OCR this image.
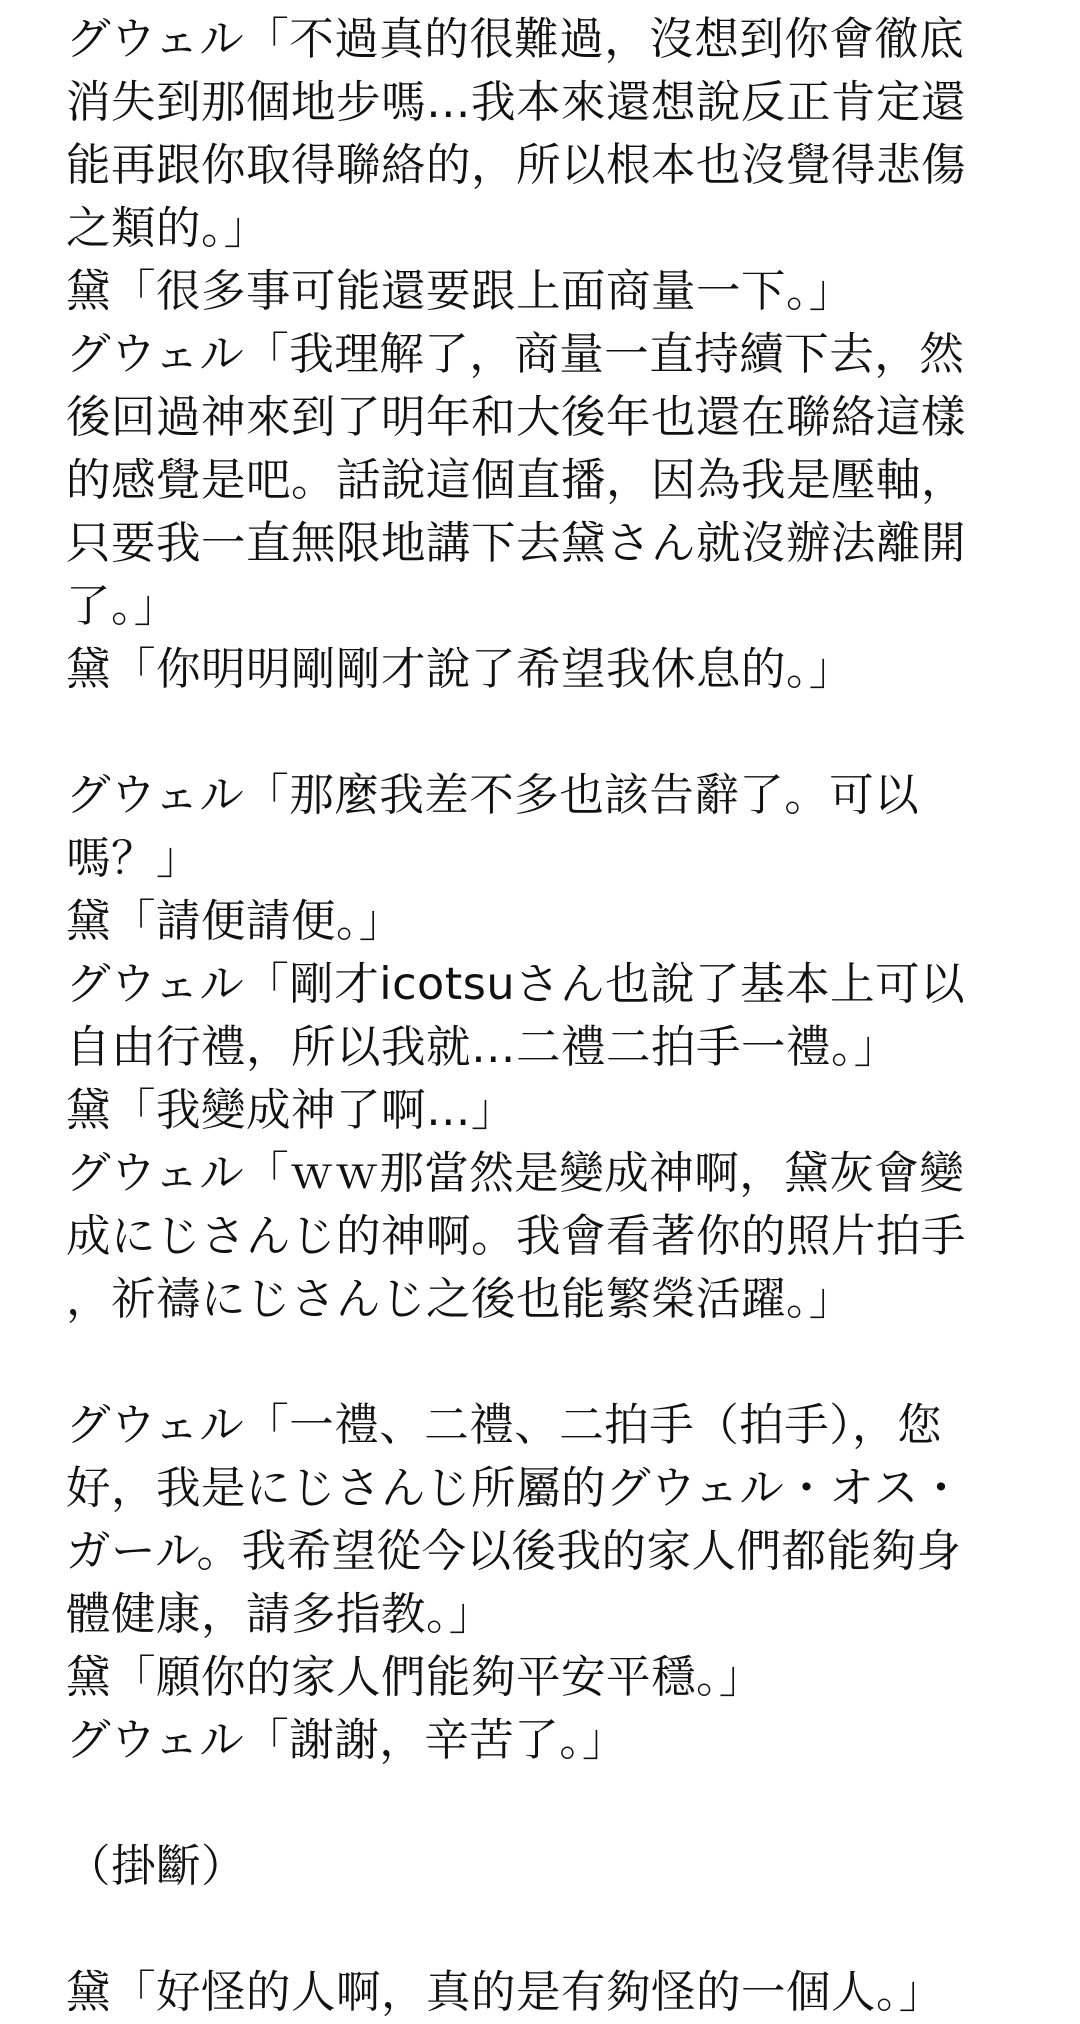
グウェル「不過真的很難過，沒想到你會徹底
消失到那個地步嗎…我本來還想說反正肯定還
能再跟你取得聯絡的，所以根本也沒覺得悲傷
之類的。」
黛「很多事可能還要跟上面商量一下。」
グウェル「我理解了，商量一直持續下去，然
後回過神來到了明年和大後年也還在聯絡這樣
的感覺是吧。話說這個直播，因為我是壓軸，
只要我一直無限地講下去黛さん就沒辦法離開
了。」
黛「你明明剛剛才說了希望我休息的。」
グウェル「那麼我差不多也該告辭了。可以
嗎？」
黛「請便請便。」
グウェル「剛才icotsuさん也說了基本上可以
自由行禮，所以我就…二禮二拍手一禮。」
黛「我變成神了啊…」
グウェル「ｗｗ那當然是變成神啊，黛灰會變
成にじさんじ的神啊。我會看著你的照片拍手
，祈禱にじさんじ之後也能繁榮活躍。」
グウェル「一禮、二禮、二拍手（拍手），您
好，我是にじさんじ所屬的グウェル・オス・
ガール。我希望從今以後我的家人們都能夠身
體健康，請多指教。」
黛「願你的家人們能夠平安平穩。」
グウェル「謝謝，辛苦了。」
（掛斷）
黛「好怪的人啊，真的是有夠怪的一個人。」
